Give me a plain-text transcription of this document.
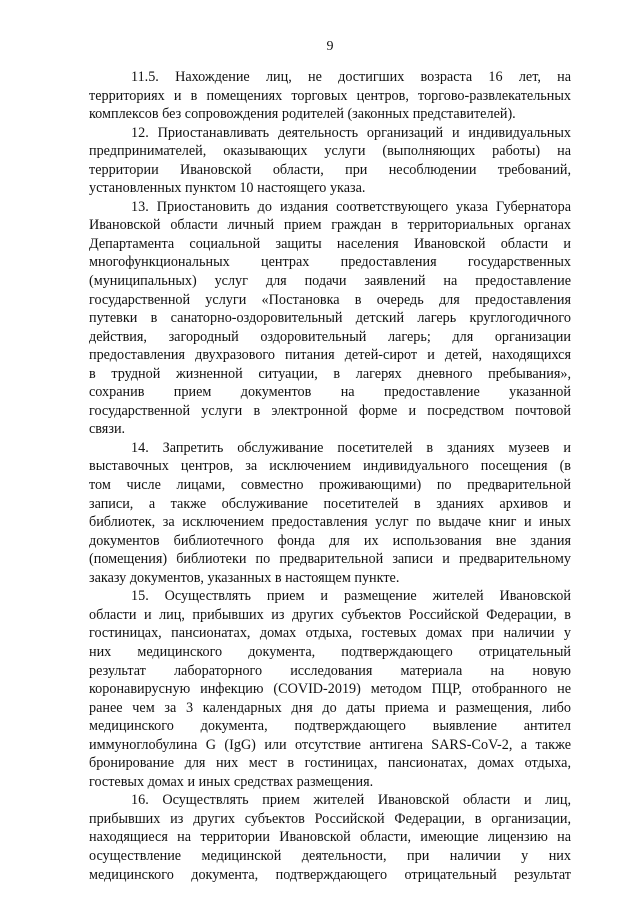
9
11.5. Нахождение лиц, не достигших возраста 16 лет, на
территориях и в помещениях торговых центров, торгово-развлекательных
комплексов без сопровождения родителей (законных представителей).
12. Приостанавливать деятельность организаций и индивидуальных
предпринимателей, оказывающих услуги (выполняющих работы) на
территории Ивановской области, при несоблюдении требований,
установленных пунктом 10 настоящего указа.
13. Приостановить до издания соответствующего указа Губернатора
Ивановской области личный прием граждан в территориальных органах
Департамента социальной защиты населения Ивановской области и
многофункциональных центрах предоставления государственных
(муниципальных) услуг для подачи заявлений на предоставление
государственной услуги «Постановка в очередь для предоставления
путевки в санаторно-оздоровительный детский лагерь круглогодичного
действия, загородный оздоровительный лагерь; для организации
предоставления двухразового питания детей-сирот и детей, находящихся
в трудной жизненной ситуации, в лагерях дневного пребывания»,
сохранив прием документов на предоставление указанной
государственной услуги в электронной форме и посредством почтовой
связи.
14. Запретить обслуживание посетителей в зданиях музеев и
выставочных центров, за исключением индивидуального посещения (в
том числе лицами, совместно проживающими) по предварительной
записи, а также обслуживание посетителей в зданиях архивов и
библиотек, за исключением предоставления услуг по выдаче книг и иных
документов библиотечного фонда для их использования вне здания
(помещения) библиотеки по предварительной записи и предварительному
заказу документов, указанных в настоящем пункте.
15. Осуществлять прием и размещение жителей Ивановской
области и лиц, прибывших из других субъектов Российской Федерации, в
гостиницах, пансионатах, домах отдыха, гостевых домах при наличии у
них медицинского документа, подтверждающего отрицательный
результат лабораторного исследования материала на новую
коронавирусную инфекцию (COVID-2019) методом ПЦР, отобранного не
ранее чем за 3 календарных дня до даты приема и размещения, либо
медицинского документа, подтверждающего выявление антител
иммуноглобулина G (IgG) или отсутствие антигена SARS-CoV-2, а также
бронирование для них мест в гостиницах, пансионатах, домах отдыха,
гостевых домах и иных средствах размещения.
16. Осуществлять прием жителей Ивановской области и лиц,
прибывших из других субъектов Российской Федерации, в организации,
находящиеся на территории Ивановской области, имеющие лицензию на
осуществление медицинской деятельности, при наличии у них
медицинского документа, подтверждающего отрицательный результат
